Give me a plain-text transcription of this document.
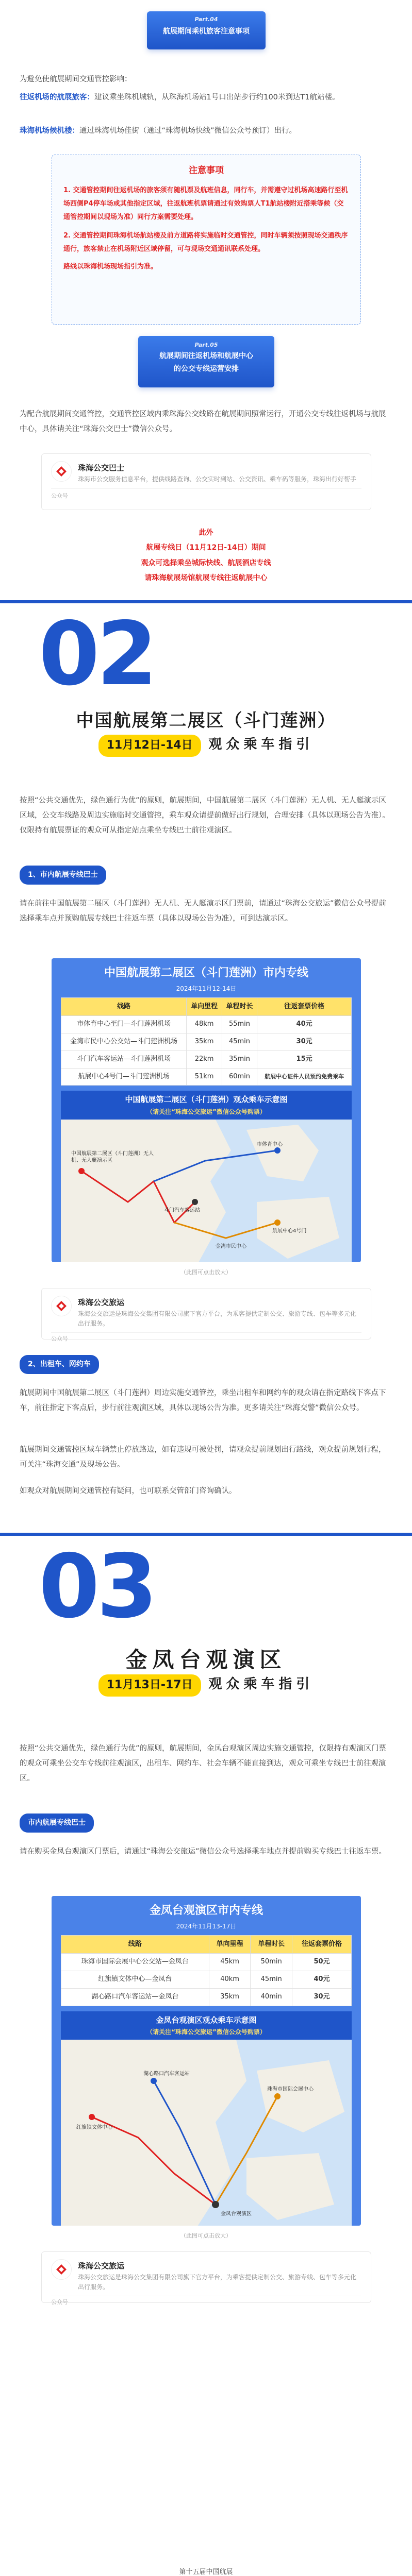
Part.04
航展期间乘机旅客注意事项
为避免使航展期间交通管控影响：
往返机场的航展旅客：建议乘坐珠机城轨，从珠海机场站1号口出站步行约100米到达T1航站楼。
珠海机场候机楼：通过珠海机场佳街（通过“珠海机场快线”微信公众号预订）出行。
注意事项
1. 交通管控期间往返机场的旅客须有随机票及航班信息，同行车，并需遵守过机场高速路行至机场西侧P4停车场或其他指定区域，往返航班机票请通过有效购票人T1航站楼附近搭乘等候（交通管控期间以现场为准）同行方案需要处理。
2. 交通管控期间珠海机场航站楼及前方道路将实施临时交通管控，同时车辆须按照现场交通秩序通行，旅客禁止在机场附近区域停留，可与现场交通通讯联系处理。
路线以珠海机场现场指引为准。
Part.05
航展期间往返机场和航展中心
的公交专线运营安排
为配合航展期间交通管控，交通管控区域内乘珠海公交线路在航展期间照常运行，开通公交专线往返机场与航展中心，具体请关注“珠海公交巴士”微信公众号。
珠海公交巴士
珠海市公交服务信息平台，提供线路查询、公交实时到站、公交资讯、乘车码等服务，珠海出行好帮手
公众号
此外
航展专线日（11月12日-14日）期间
观众可选择乘坐城际快线、航展酒店专线
请珠海航展场馆航展专线往返航展中心
02
中国航展第二展区（斗门莲洲）
11月12日-14日 观众乘车指引
按照“公共交通优先，绿色通行为优”的原则，航展期间，中国航展第二展区（斗门莲洲）无人机、无人艇演示区区域，公交车线路及周边实施临时交通管控，乘车观众请提前做好出行规划，合理安排（具体以现场公告为准）。仅限持有航展票证的观众可从指定站点乘坐专线巴士前往观演区。
1、市内航展专线巴士
请在前往中国航展第二展区（斗门莲洲）无人机、无人艇演示区门票前，请通过“珠海公交旅运”微信公众号提前选择乘车点并预购航展专线巴士往返车票（具体以现场公告为准），可到达演示区。
中国航展第二展区（斗门莲洲）市内专线
2024年11月12-14日
线路	单向里程	单程时长	往返套票价格
市体育中心至门—斗门莲洲机场	48km	55min	40元
金湾市民中心公交站—斗门莲洲机场	35km	45min	30元
斗门汽车客运站—斗门莲洲机场	22km	35min	15元
航展中心4号门—斗门莲洲机场	51km	60min	航展中心证件人员预约免费乘车
中国航展第二展区（斗门莲洲）观众乘车示意图
（请关注“珠海公交旅运”微信公众号购票）
市体育中心
中国航展第二展区（斗门莲洲）无人机、无人艇演示区
斗门汽车客运站
金湾市民中心
航展中心4号门
（此图可点击放大）
珠海公交旅运
珠海公交旅运是珠海公交集团有限公司旗下官方平台，为乘客提供定制公交、旅游专线、包车等多元化出行服务。
公众号
2、出租车、网约车
航展期间中国航展第二展区（斗门莲洲）周边实施交通管控，乘坐出租车和网约车的观众请在指定路线下客点下车，前往指定下客点后，步行前往观演区域，具体以现场公告为准。更多请关注“珠海交警”微信公众号。
航展期间交通管控区域车辆禁止停放路边，如有违规可被处罚，请观众提前规划出行路线，观众提前规划行程，可关注“珠海交通”及现场公告。
如观众对航展期间交通管控有疑问，也可联系交管部门咨询确认。
03
金凤台观演区
11月13日-17日 观众乘车指引
按照“公共交通优先，绿色通行为优”的原则，航展期间，金凤台观演区周边实施交通管控，仅限持有观演区门票的观众可乘坐公交车专线前往观演区，出租车、网约车、社会车辆不能直接到达，观众可乘坐专线巴士前往观演区。
市内航展专线巴士
请在购买金凤台观演区门票后，请通过“珠海公交旅运”微信公众号选择乘车地点并提前购买专线巴士往返车票。
金凤台观演区市内专线
2024年11月13-17日
线路	单向里程	单程时长	往返套票价格
珠海市国际会展中心公交站—金凤台	45km	50min	50元
红旗镇文体中心—金凤台	40km	45min	40元
湖心路口汽车客运站—金凤台	35km	40min	30元
金凤台观演区观众乘车示意图
（请关注“珠海公交旅运”微信公众号购票）
红旗镇文体中心
湖心路口汽车客运站
珠海市国际会展中心
金凤台观演区
（此图可点击放大）
珠海公交旅运
珠海公交旅运是珠海公交集团有限公司旗下官方平台，为乘客提供定制公交、旅游专线、包车等多元化出行服务。
公众号
第十五届中国航展
